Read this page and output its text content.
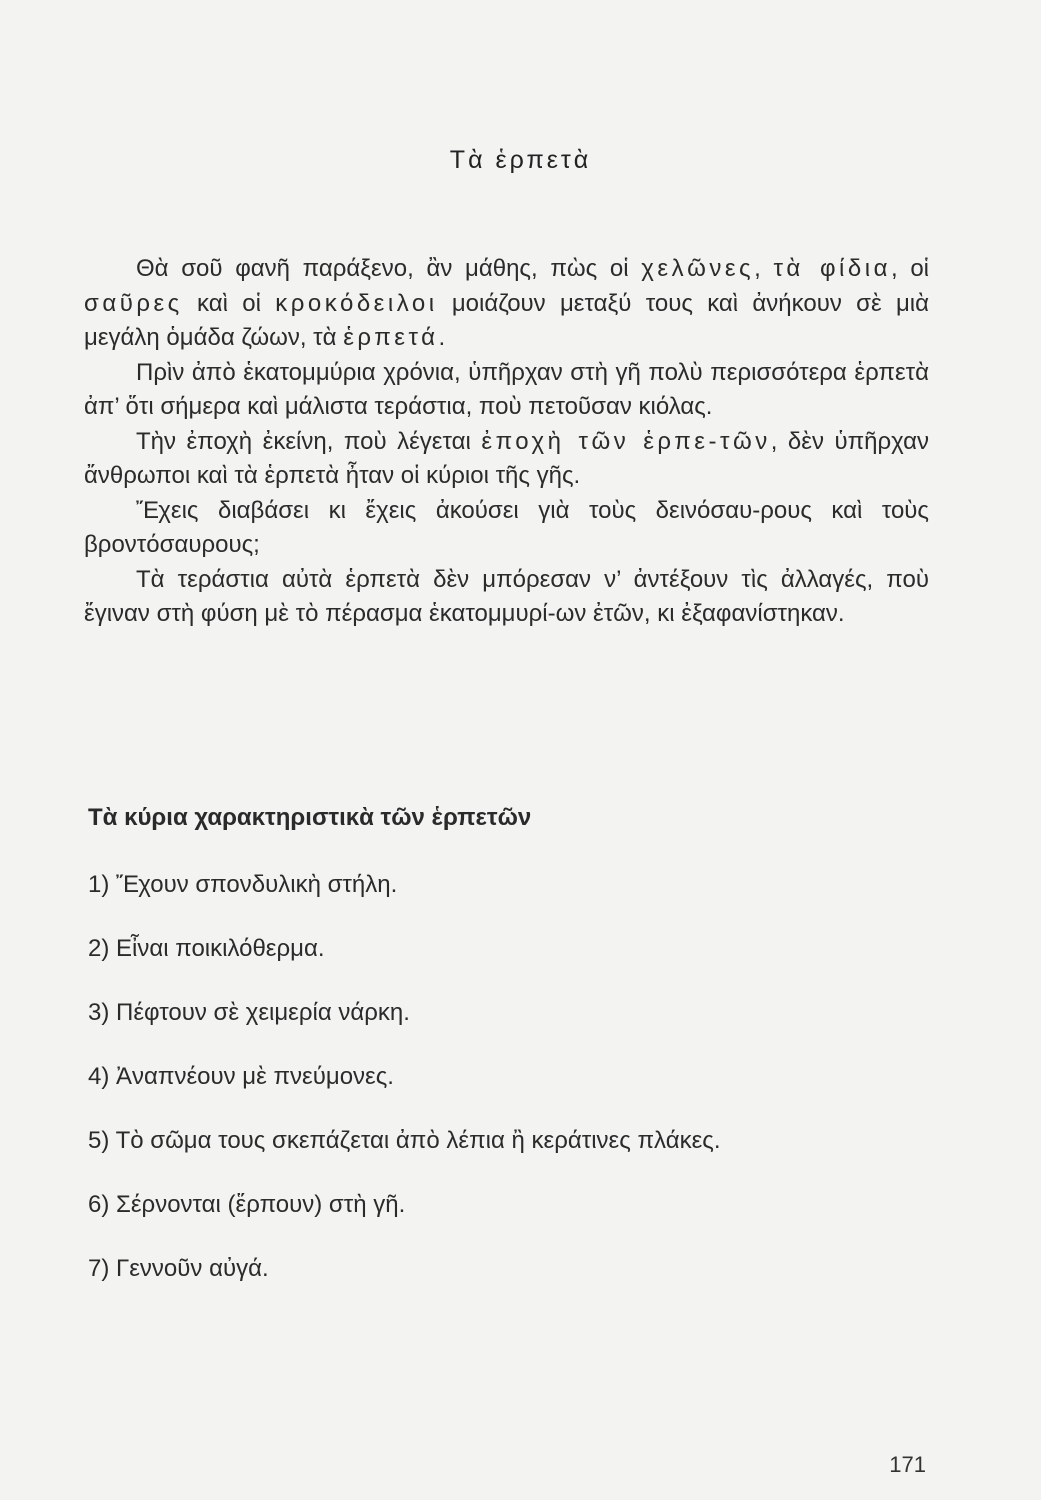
Τὰ ἑρπετὰ

Θὰ σοῦ φανῆ παράξενο, ἂν μάθης, πὼς οἱ χελῶνες, τὰ φίδια, οἱ σαῦρες καὶ οἱ κροκόδειλοι μοιάζουν μεταξύ τους καὶ ἀνήκουν σὲ μιὰ μεγάλη ὁμάδα ζώων, τὰ ἑρπετά.

Πρὶν ἀπὸ ἑκατομμύρια χρόνια, ὑπῆρχαν στὴ γῆ πολὺ περισσότερα ἑρπετὰ ἀπ’ ὅτι σήμερα καὶ μάλιστα τεράστια, ποὺ πετοῦσαν κιόλας.

Τὴν ἐποχὴ ἐκείνη, ποὺ λέγεται ἐποχὴ τῶν ἑρπε-τῶν, δὲν ὑπῆρχαν ἄνθρωποι καὶ τὰ ἑρπετὰ ἦταν οἱ κύριοι τῆς γῆς.

Ἔχεις διαβάσει κι ἔχεις ἀκούσει γιὰ τοὺς δεινόσαυ-ρους καὶ τοὺς βροντόσαυρους;

Τὰ τεράστια αὐτὰ ἑρπετὰ δὲν μπόρεσαν ν’ ἀντέξουν τὶς ἀλλαγές, ποὺ ἔγιναν στὴ φύση μὲ τὸ πέρασμα ἑκατομμυρί-ων ἐτῶν, κι ἐξαφανίστηκαν.

Τὰ κύρια χαρακτηριστικὰ τῶν ἑρπετῶν
1) Ἔχουν σπονδυλικὴ στήλη.
2) Εἶναι ποικιλόθερμα.
3) Πέφτουν σὲ χειμερία νάρκη.
4) Ἀναπνέουν μὲ πνεύμονες.
5) Τὸ σῶμα τους σκεπάζεται ἀπὸ λέπια ἢ κεράτινες πλάκες.
6) Σέρνονται (ἕρπουν) στὴ γῆ.
7) Γεννοῦν αὐγά.
171
